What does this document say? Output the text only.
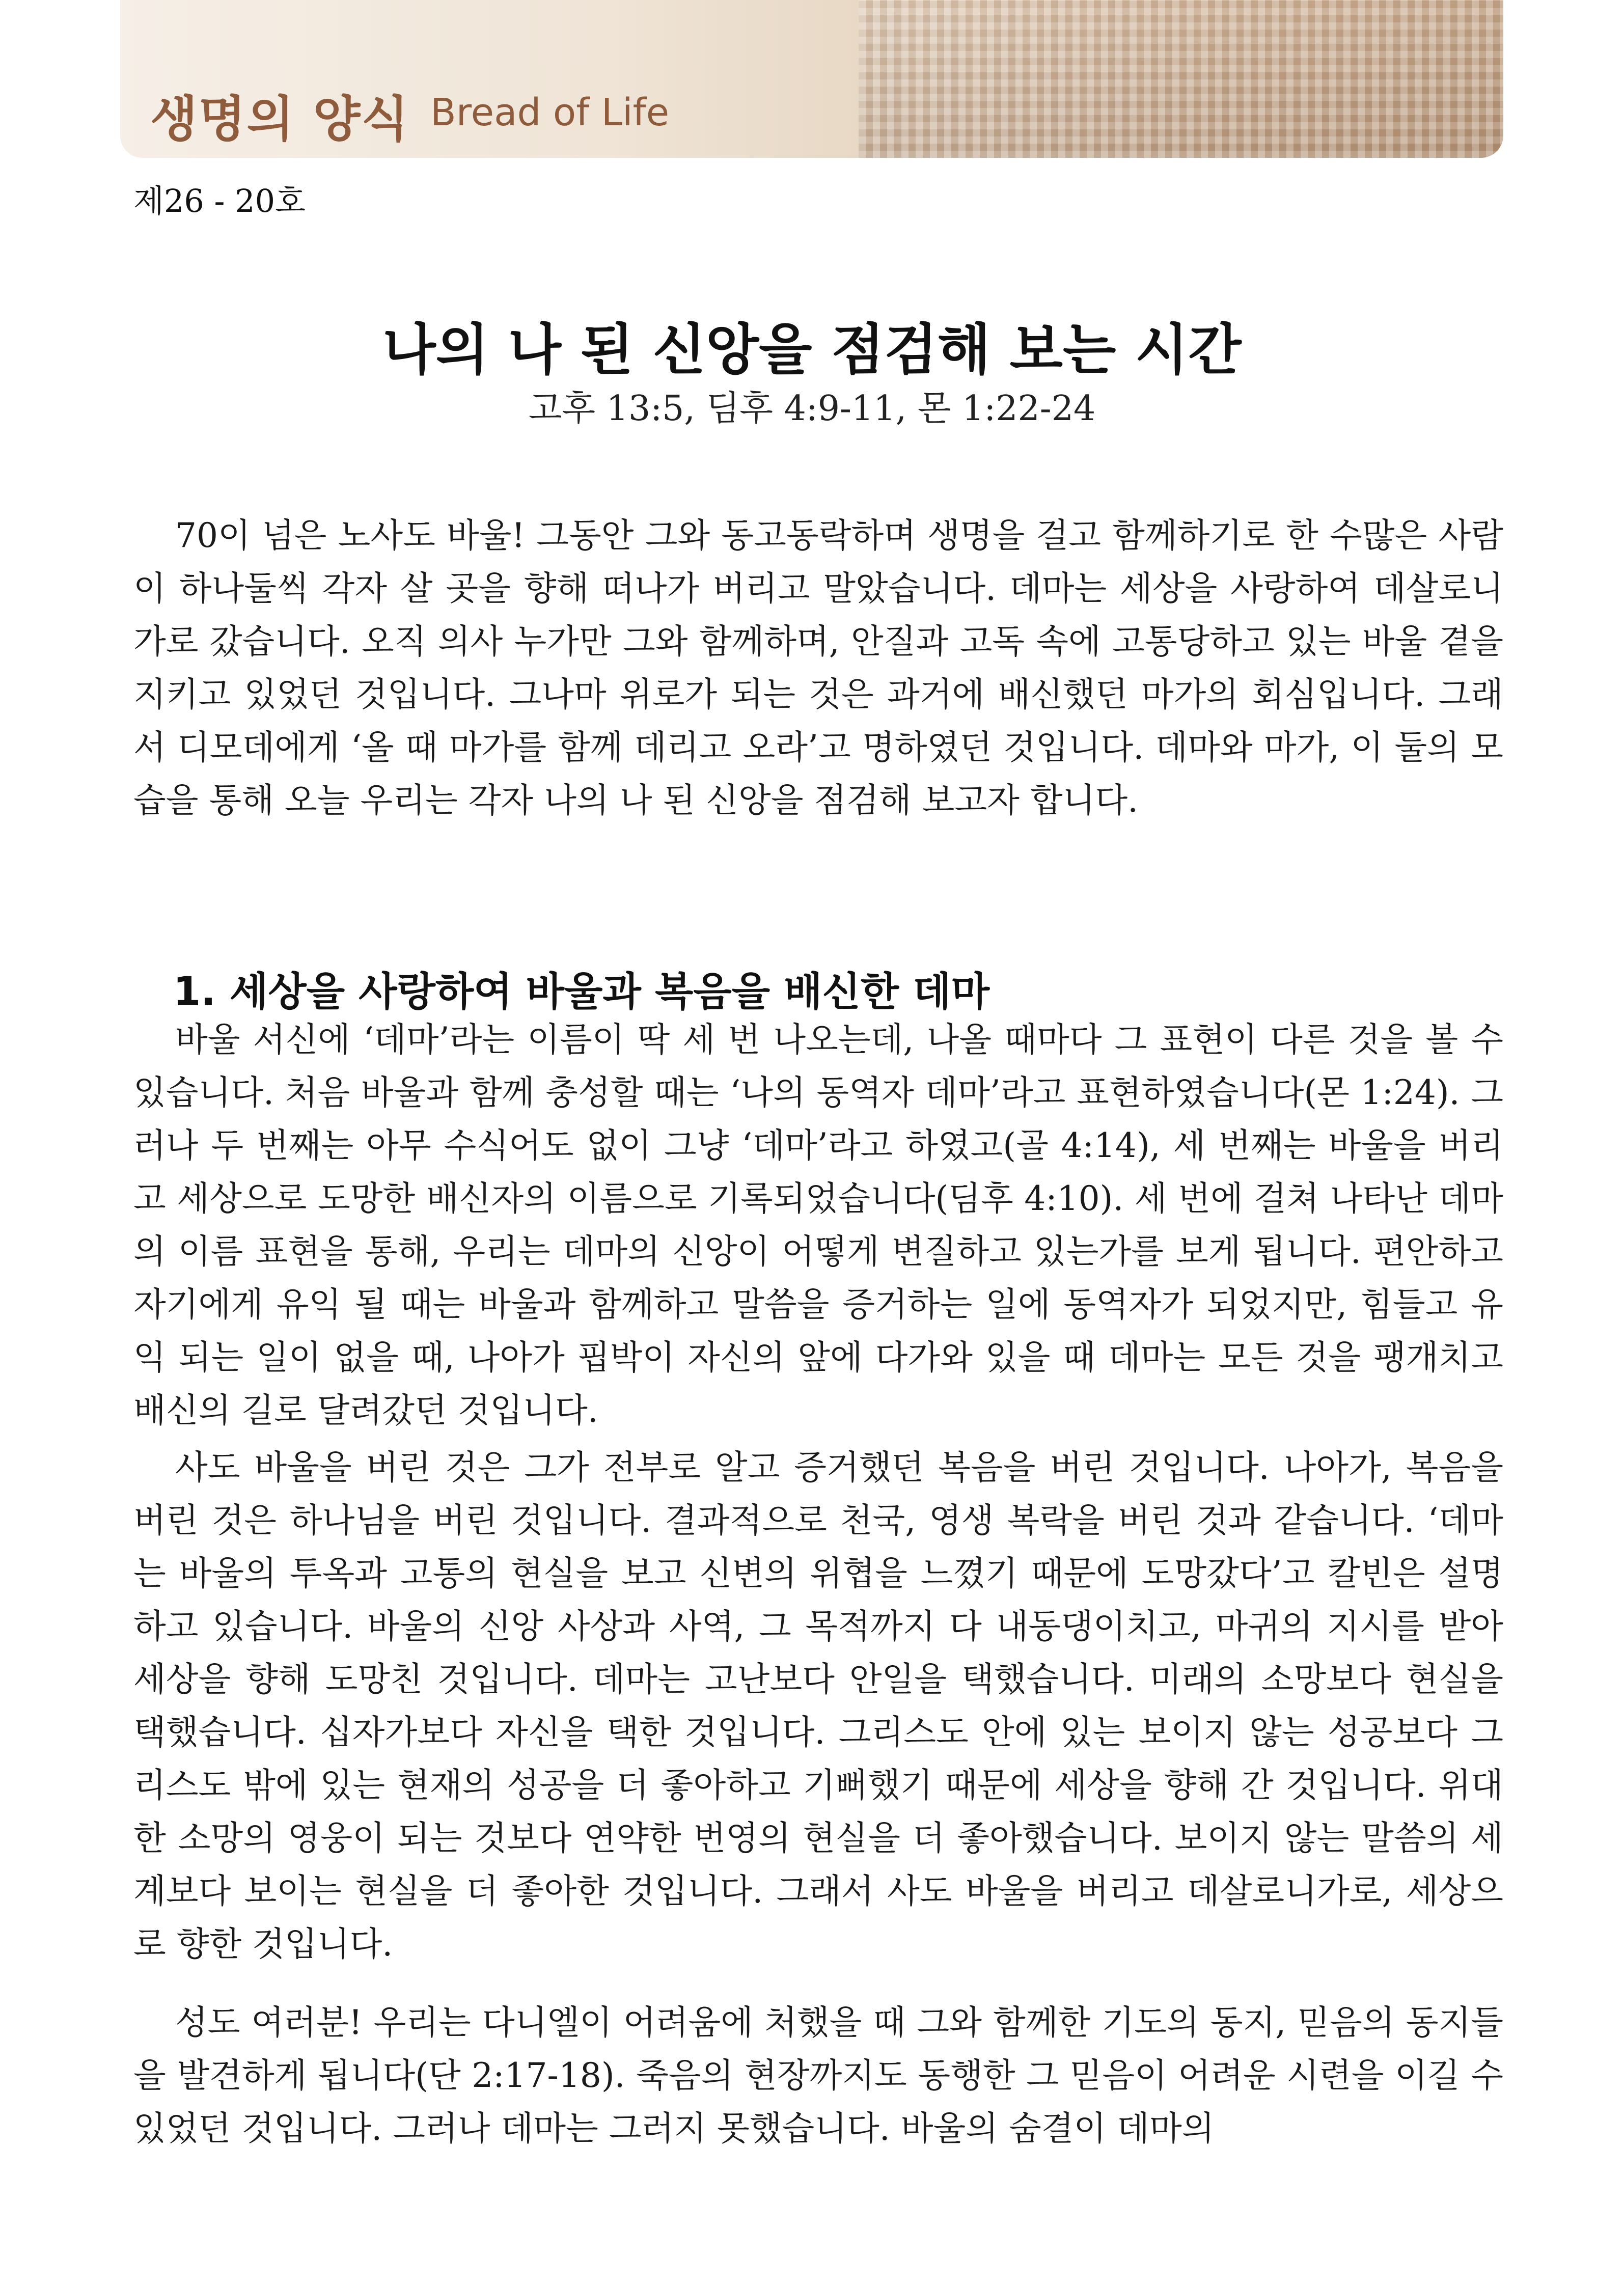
생명의 양식 Bread of Life
제26 - 20호
나의 나 된 신앙을 점검해 보는 시간
고후 13:5, 딤후 4:9-11, 몬 1:22-24

70이 넘은 노사도 바울! 그동안 그와 동고동락하며 생명을 걸고 함께하기로 한 수많은 사람이 하나둘씩 각자 살 곳을 향해 떠나가 버리고 말았습니다. 데마는 세상을 사랑하여 데살로니가로 갔습니다. 오직 의사 누가만 그와 함께하며, 안질과 고독 속에 고통당하고 있는 바울 곁을 지키고 있었던 것입니다. 그나마 위로가 되는 것은 과거에 배신했던 마가의 회심입니다. 그래서 디모데에게 ‘올 때 마가를 함께 데리고 오라’고 명하였던 것입니다. 데마와 마가, 이 둘의 모습을 통해 오늘 우리는 각자 나의 나 된 신앙을 점검해 보고자 합니다.

1. 세상을 사랑하여 바울과 복음을 배신한 데마

바울 서신에 ‘데마’라는 이름이 딱 세 번 나오는데, 나올 때마다 그 표현이 다른 것을 볼 수 있습니다. 처음 바울과 함께 충성할 때는 ‘나의 동역자 데마’라고 표현하였습니다(몬 1:24). 그러나 두 번째는 아무 수식어도 없이 그냥 ‘데마’라고 하였고(골 4:14), 세 번째는 바울을 버리고 세상으로 도망한 배신자의 이름으로 기록되었습니다(딤후 4:10). 세 번에 걸쳐 나타난 데마의 이름 표현을 통해, 우리는 데마의 신앙이 어떻게 변질하고 있는가를 보게 됩니다. 편안하고 자기에게 유익 될 때는 바울과 함께하고 말씀을 증거하는 일에 동역자가 되었지만, 힘들고 유익 되는 일이 없을 때, 나아가 핍박이 자신의 앞에 다가와 있을 때 데마는 모든 것을 팽개치고 배신의 길로 달려갔던 것입니다.

사도 바울을 버린 것은 그가 전부로 알고 증거했던 복음을 버린 것입니다. 나아가, 복음을 버린 것은 하나님을 버린 것입니다. 결과적으로 천국, 영생 복락을 버린 것과 같습니다. ‘데마는 바울의 투옥과 고통의 현실을 보고 신변의 위협을 느꼈기 때문에 도망갔다’고 칼빈은 설명하고 있습니다. 바울의 신앙 사상과 사역, 그 목적까지 다 내동댕이치고, 마귀의 지시를 받아 세상을 향해 도망친 것입니다. 데마는 고난보다 안일을 택했습니다. 미래의 소망보다 현실을 택했습니다. 십자가보다 자신을 택한 것입니다. 그리스도 안에 있는 보이지 않는 성공보다 그리스도 밖에 있는 현재의 성공을 더 좋아하고 기뻐했기 때문에 세상을 향해 간 것입니다. 위대한 소망의 영웅이 되는 것보다 연약한 번영의 현실을 더 좋아했습니다. 보이지 않는 말씀의 세계보다 보이는 현실을 더 좋아한 것입니다. 그래서 사도 바울을 버리고 데살로니가로, 세상으로 향한 것입니다.

성도 여러분! 우리는 다니엘이 어려움에 처했을 때 그와 함께한 기도의 동지, 믿음의 동지들을 발견하게 됩니다(단 2:17-18). 죽음의 현장까지도 동행한 그 믿음이 어려운 시련을 이길 수 있었던 것입니다. 그러나 데마는 그러지 못했습니다. 바울의 숨결이 데마의
